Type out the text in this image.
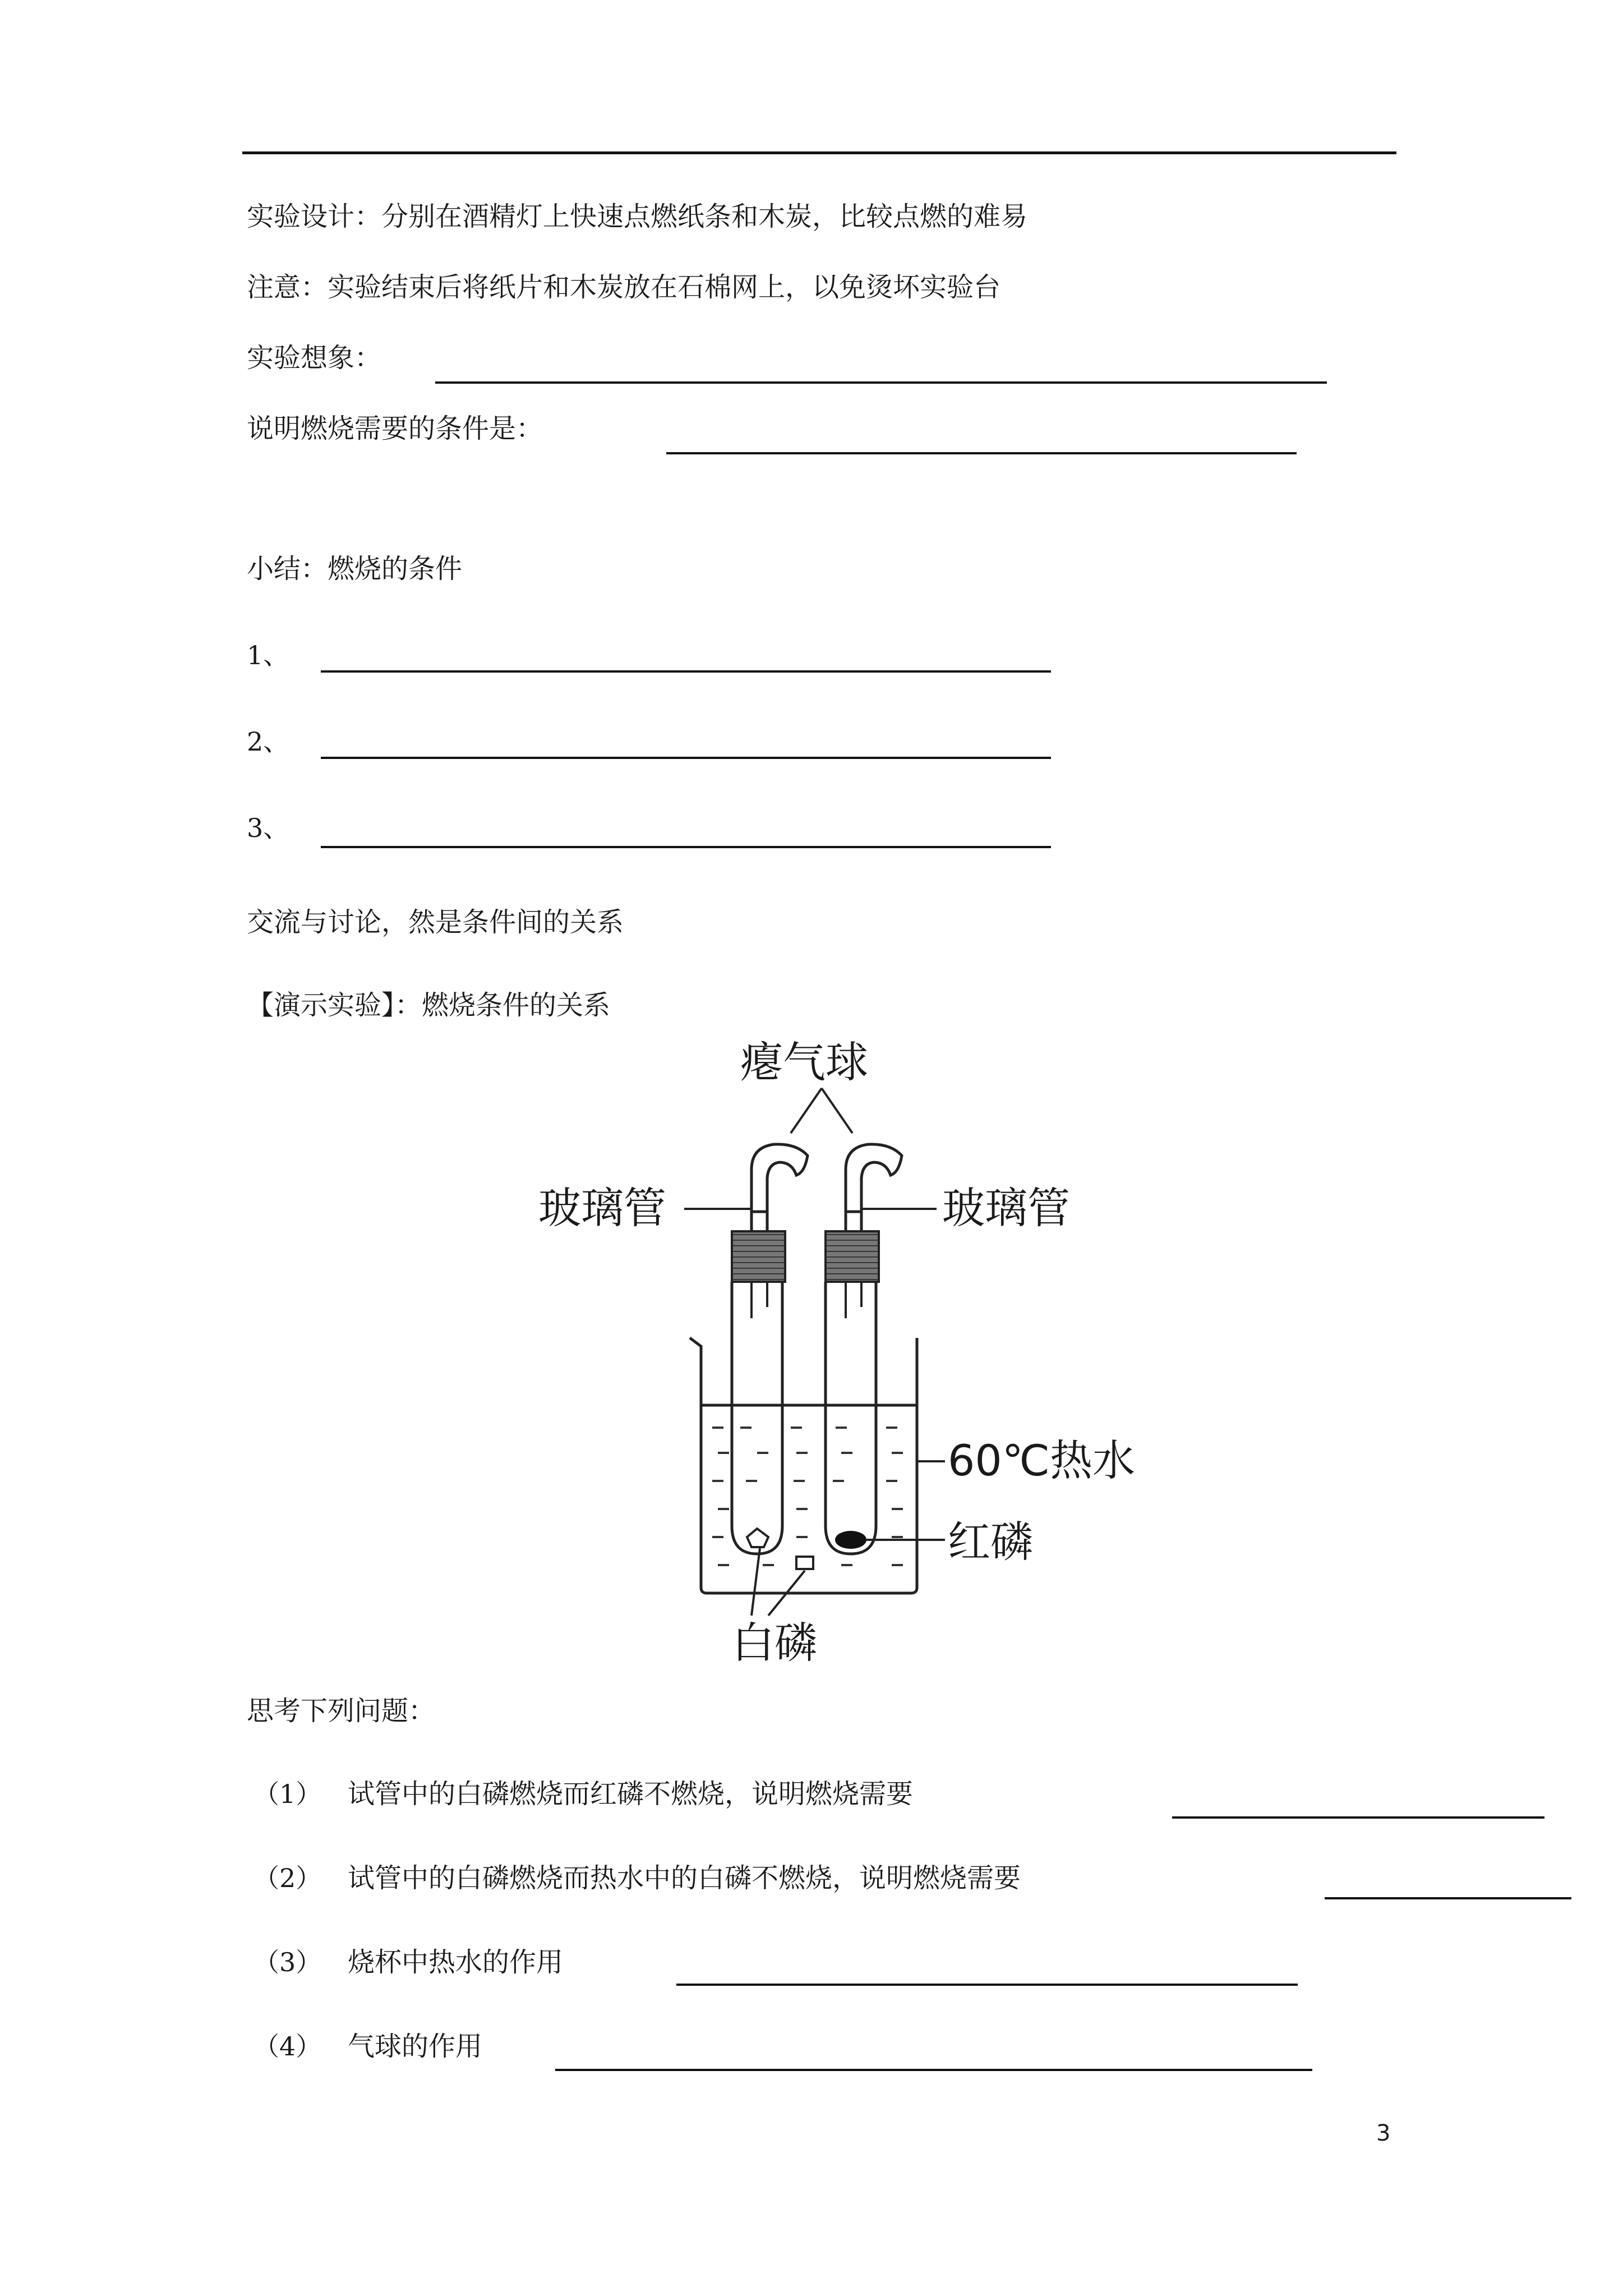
实验设计：分别在酒精灯上快速点燃纸条和木炭，比较点燃的难易
注意：实验结束后将纸片和木炭放在石棉网上，以免烫坏实验台
实验想象：
说明燃烧需要的条件是：
小结：燃烧的条件
1、
2、
3、
交流与讨论，然是条件间的关系
【演示实验】：燃烧条件的关系
瘪气球
玻璃管	玻璃管
60℃热水
红磷
白磷
思考下列问题：
（1） 试管中的白磷燃烧而红磷不燃烧，说明燃烧需要
（2） 试管中的白磷燃烧而热水中的白磷不燃烧，说明燃烧需要
（3） 烧杯中热水的作用
（4） 气球的作用
3
